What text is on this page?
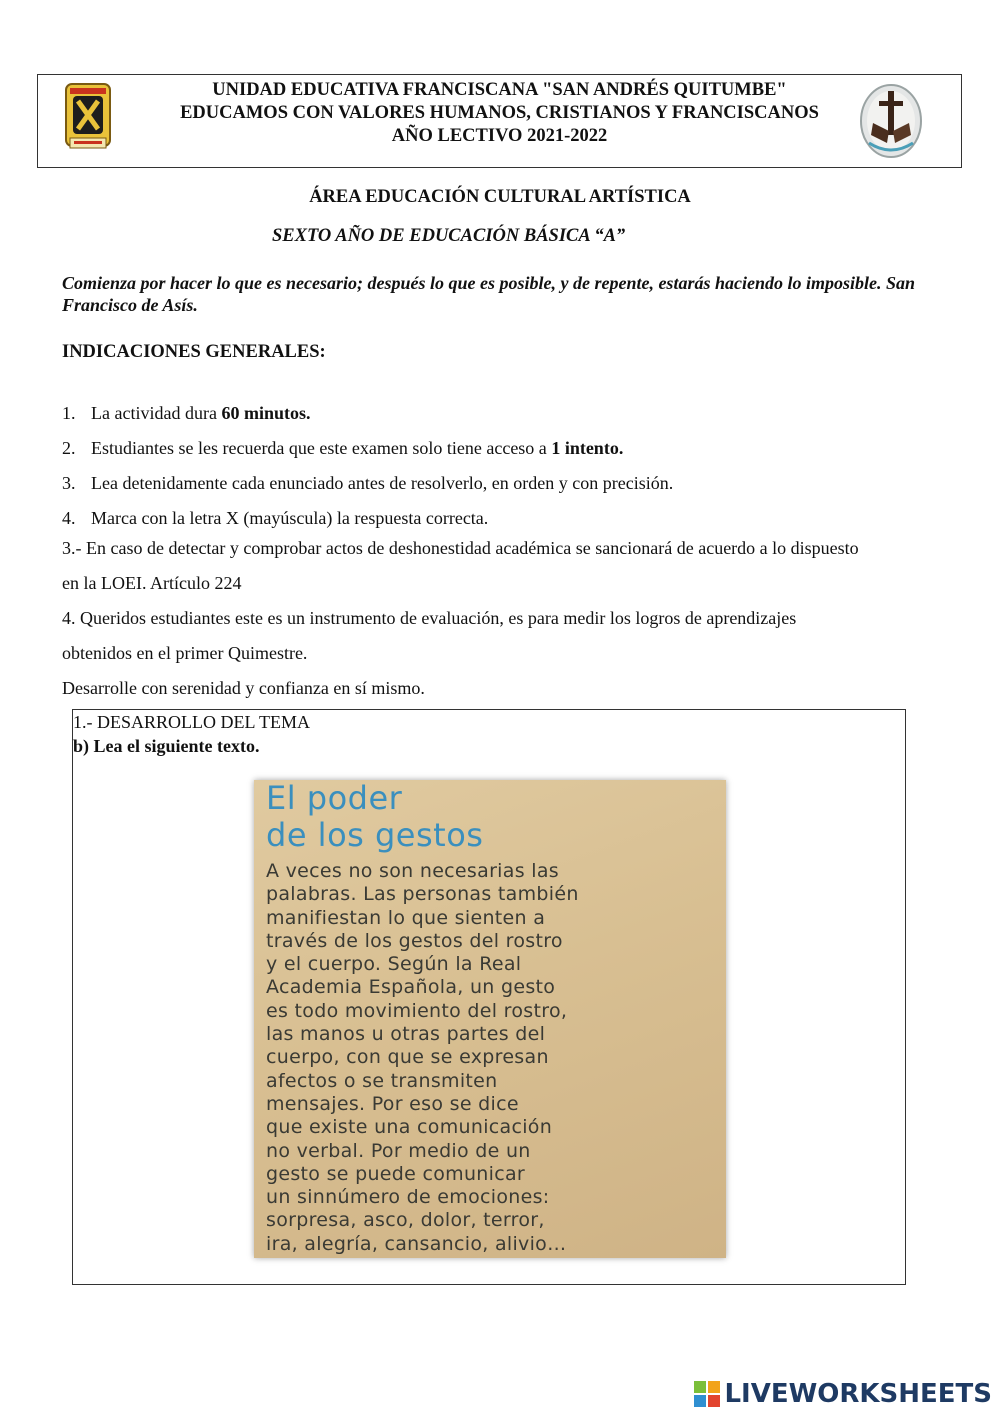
UNIDAD EDUCATIVA FRANCISCANA "SAN ANDRÉS QUITUMBE"
EDUCAMOS CON VALORES HUMANOS, CRISTIANOS Y FRANCISCANOS
AÑO LECTIVO 2021-2022
ÁREA EDUCACIÓN CULTURAL ARTÍSTICA
SEXTO AÑO DE EDUCACIÓN BÁSICA “A”
Comienza por hacer lo que es necesario; después lo que es posible, y de repente, estarás haciendo lo imposible. San Francisco de Asís.
INDICACIONES GENERALES:
1. La actividad dura 60 minutos.
2. Estudiantes se les recuerda que este examen solo tiene acceso a 1 intento.
3. Lea detenidamente cada enunciado antes de resolverlo, en orden y con precisión.
4. Marca con la letra X (mayúscula) la respuesta correcta.
3.- En caso de detectar y comprobar actos de deshonestidad académica se sancionará de acuerdo a lo dispuesto
en la LOEI. Artículo 224
4. Queridos estudiantes este es un instrumento de evaluación, es para medir los logros de aprendizajes
obtenidos en el primer Quimestre.
Desarrolle con serenidad y confianza en sí mismo.
1.- DESARROLLO DEL TEMA
b) Lea el siguiente texto.
El poder
de los gestos
A veces no son necesarias las
palabras. Las personas también
manifiestan lo que sienten a
través de los gestos del rostro
y el cuerpo. Según la Real
Academia Española, un gesto
es todo movimiento del rostro,
las manos u otras partes del
cuerpo, con que se expresan
afectos o se transmiten
mensajes. Por eso se dice
que existe una comunicación
no verbal. Por medio de un
gesto se puede comunicar
un sinnúmero de emociones:
sorpresa, asco, dolor, terror,
ira, alegría, cansancio, alivio…
LIVEWORKSHEETS
